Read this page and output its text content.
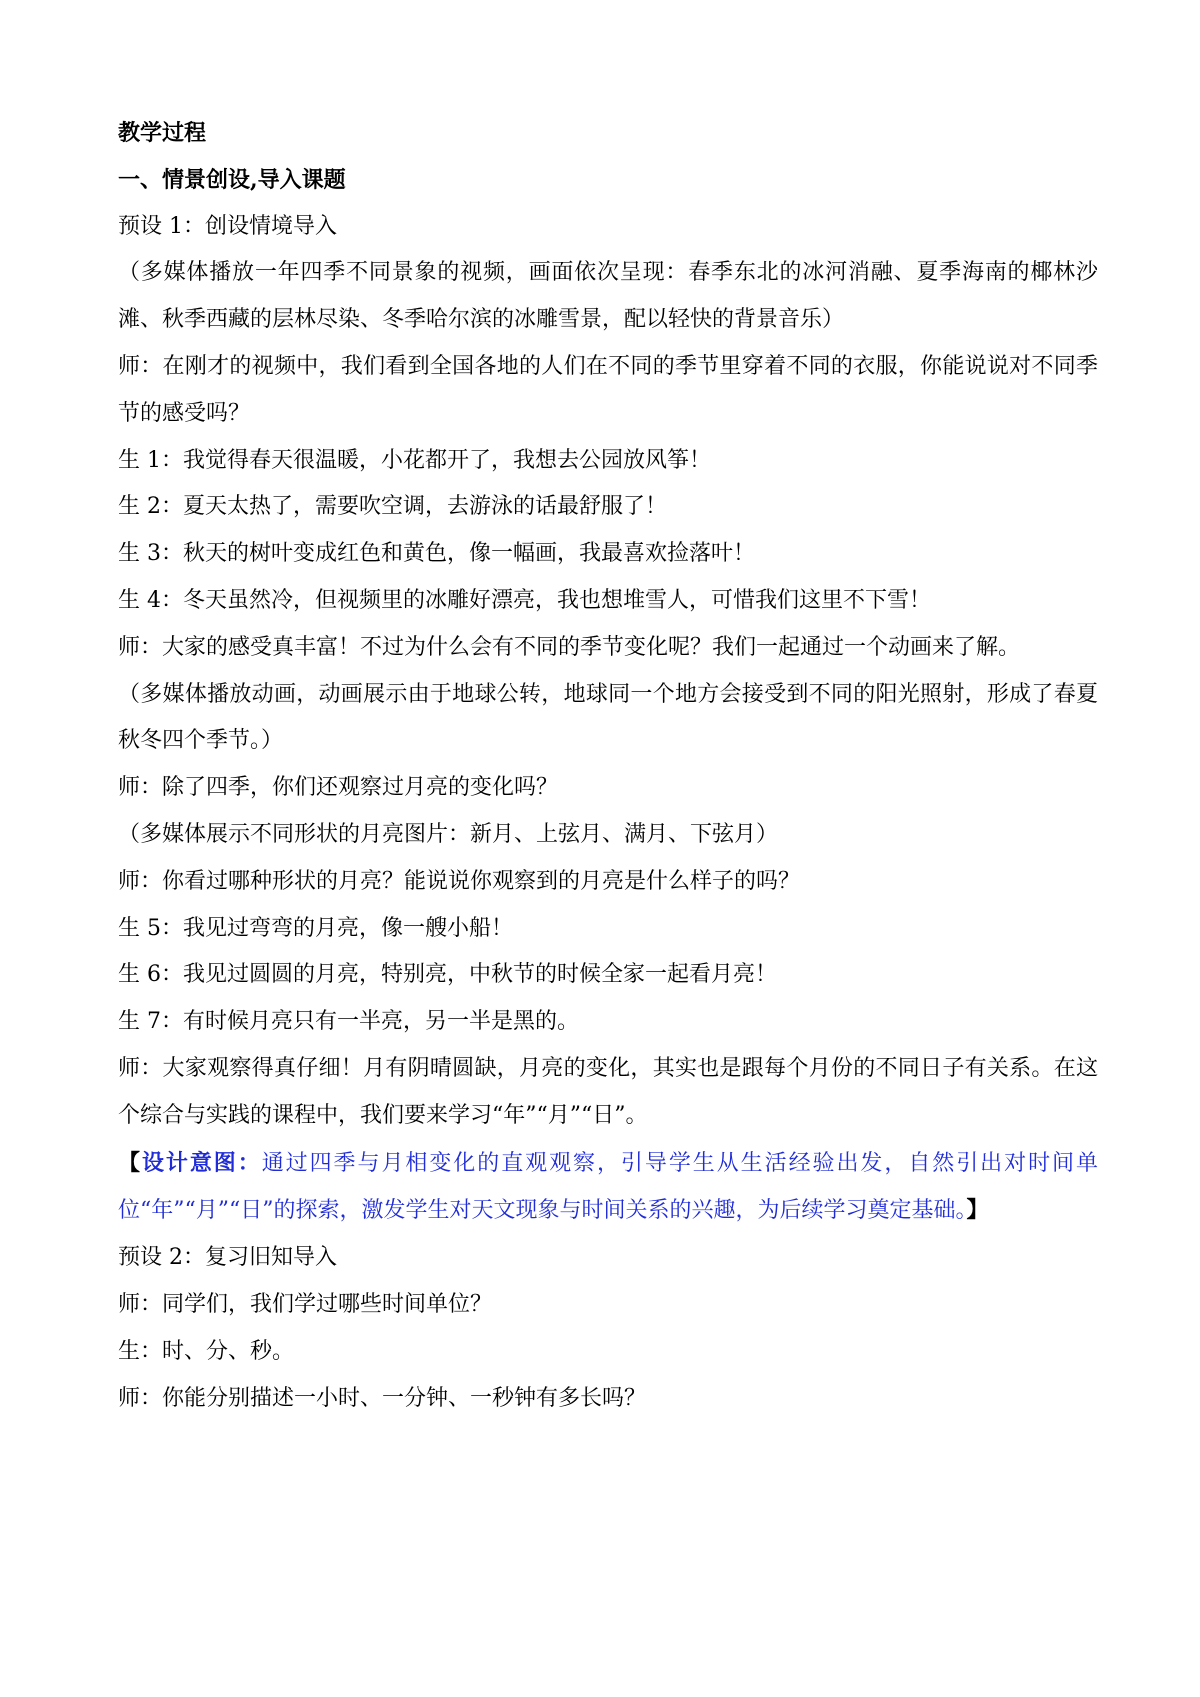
教学过程

一、情景创设,导入课题

预设 1：创设情境导入

（多媒体播放一年四季不同景象的视频，画面依次呈现：春季东北的冰河消融、夏季海南的椰林沙滩、秋季西藏的层林尽染、冬季哈尔滨的冰雕雪景，配以轻快的背景音乐）

师：在刚才的视频中，我们看到全国各地的人们在不同的季节里穿着不同的衣服，你能说说对不同季节的感受吗？

生 1：我觉得春天很温暖，小花都开了，我想去公园放风筝！

生 2：夏天太热了，需要吹空调，去游泳的话最舒服了！

生 3：秋天的树叶变成红色和黄色，像一幅画，我最喜欢捡落叶！

生 4：冬天虽然冷，但视频里的冰雕好漂亮，我也想堆雪人，可惜我们这里不下雪！

师：大家的感受真丰富！不过为什么会有不同的季节变化呢？我们一起通过一个动画来了解。

（多媒体播放动画，动画展示由于地球公转，地球同一个地方会接受到不同的阳光照射，形成了春夏秋冬四个季节。）

师：除了四季，你们还观察过月亮的变化吗？

（多媒体展示不同形状的月亮图片：新月、上弦月、满月、下弦月）

师：你看过哪种形状的月亮？能说说你观察到的月亮是什么样子的吗？

生 5：我见过弯弯的月亮，像一艘小船！

生 6：我见过圆圆的月亮，特别亮，中秋节的时候全家一起看月亮！

生 7：有时候月亮只有一半亮，另一半是黑的。

师：大家观察得真仔细！月有阴晴圆缺，月亮的变化，其实也是跟每个月份的不同日子有关系。在这个综合与实践的课程中，我们要来学习“年”“月”“日”。

【设计意图：通过四季与月相变化的直观观察，引导学生从生活经验出发，自然引出对时间单位“年”“月”“日”的探索，激发学生对天文现象与时间关系的兴趣，为后续学习奠定基础。】

预设 2：复习旧知导入

师：同学们，我们学过哪些时间单位？

生：时、分、秒。

师：你能分别描述一小时、一分钟、一秒钟有多长吗？
